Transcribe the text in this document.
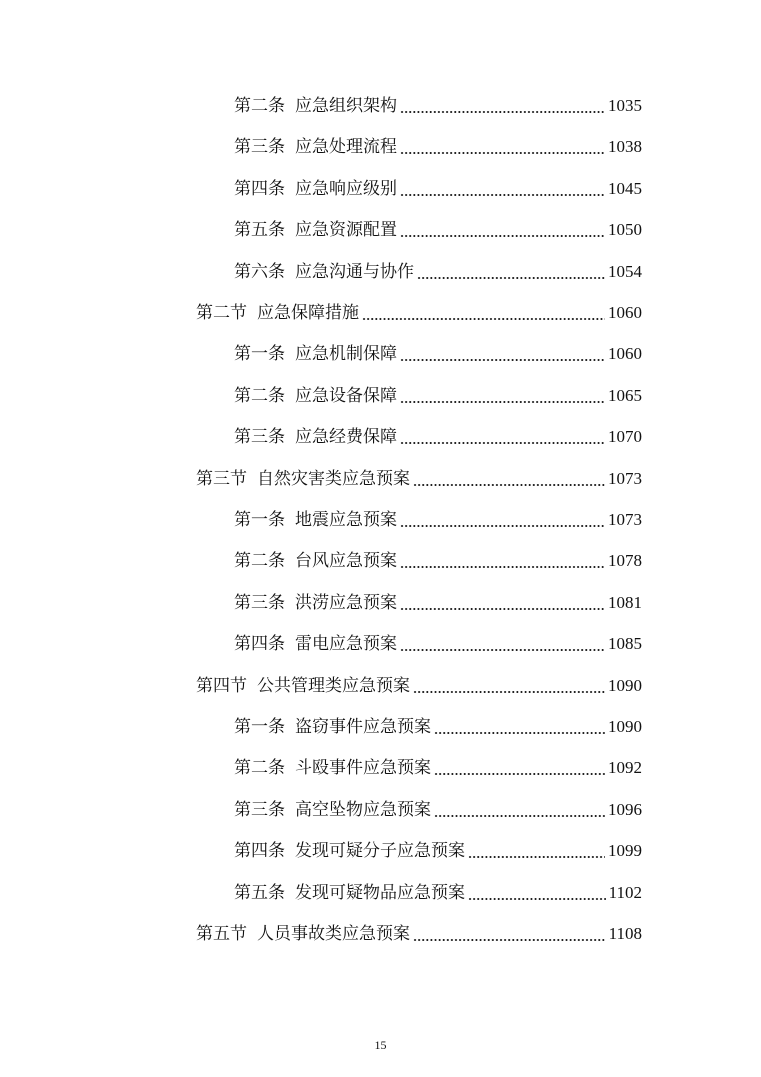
第二条 应急组织架构	1035
第三条 应急处理流程	1038
第四条 应急响应级别	1045
第五条 应急资源配置	1050
第六条 应急沟通与协作	1054
第二节 应急保障措施	1060
第一条 应急机制保障	1060
第二条 应急设备保障	1065
第三条 应急经费保障	1070
第三节 自然灾害类应急预案	1073
第一条 地震应急预案	1073
第二条 台风应急预案	1078
第三条 洪涝应急预案	1081
第四条 雷电应急预案	1085
第四节 公共管理类应急预案	1090
第一条 盗窃事件应急预案	1090
第二条 斗殴事件应急预案	1092
第三条 高空坠物应急预案	1096
第四条 发现可疑分子应急预案	1099
第五条 发现可疑物品应急预案	1102
第五节 人员事故类应急预案	1108
15
